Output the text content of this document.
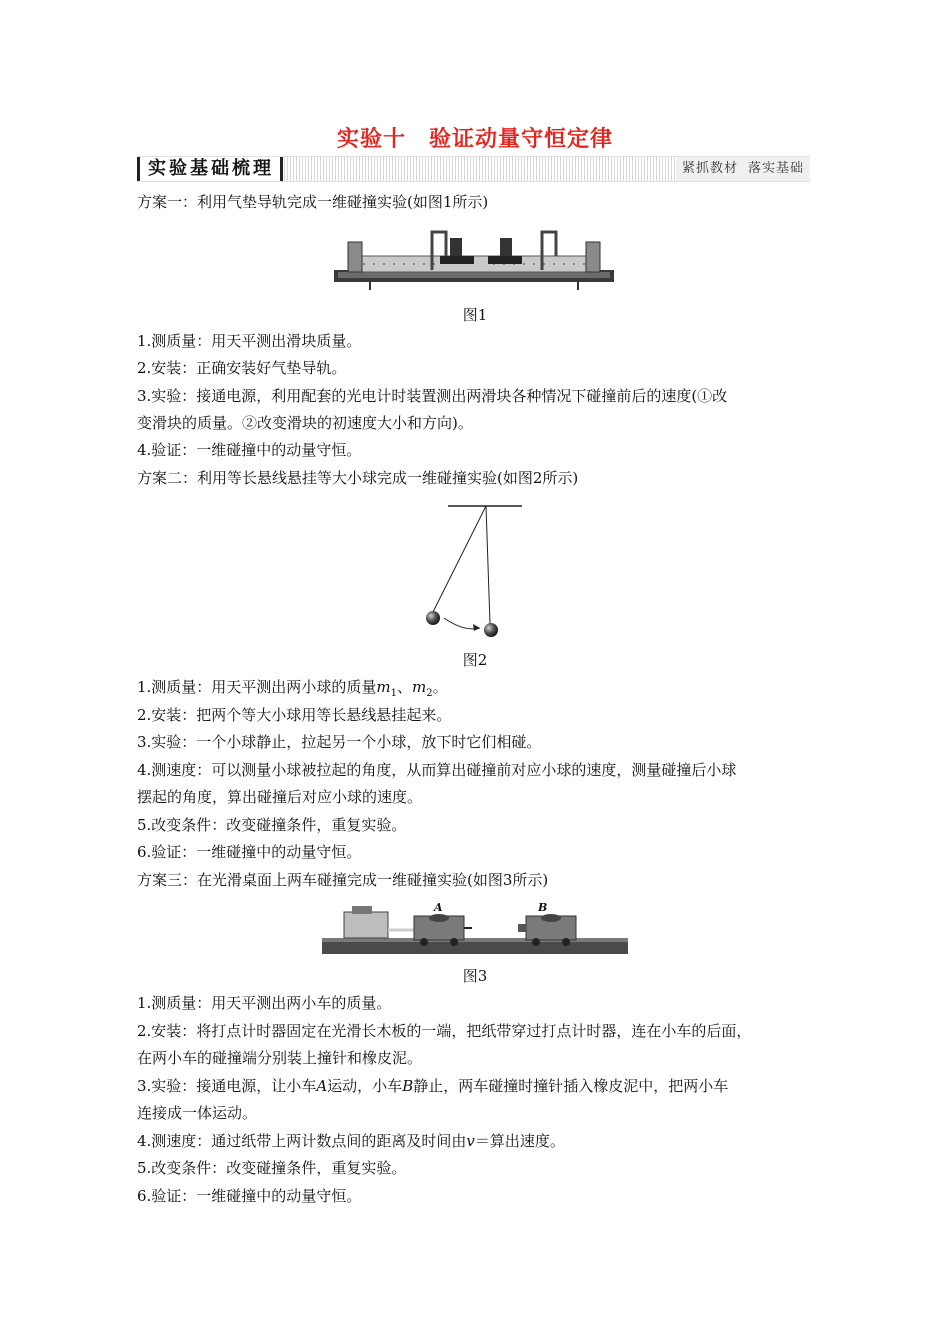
实验十　验证动量守恒定律
实验基础梳理	紧抓教材 落实基础
方案一：利用气垫导轨完成一维碰撞实验(如图1所示)
图1
1.测质量：用天平测出滑块质量。
2.安装：正确安装好气垫导轨。
3.实验：接通电源，利用配套的光电计时装置测出两滑块各种情况下碰撞前后的速度(①改
变滑块的质量。②改变滑块的初速度大小和方向)。
4.验证：一维碰撞中的动量守恒。
方案二：利用等长悬线悬挂等大小球完成一维碰撞实验(如图2所示)
图2
1.测质量：用天平测出两小球的质量$m_1$、$m_2$。
2.安装：把两个等大小球用等长悬线悬挂起来。
3.实验：一个小球静止，拉起另一个小球，放下时它们相碰。
4.测速度：可以测量小球被拉起的角度，从而算出碰撞前对应小球的速度，测量碰撞后小球
摆起的角度，算出碰撞后对应小球的速度。
5.改变条件：改变碰撞条件，重复实验。
6.验证：一维碰撞中的动量守恒。
方案三：在光滑桌面上两车碰撞完成一维碰撞实验(如图3所示)
A	B
图3
1.测质量：用天平测出两小车的质量。
2.安装：将打点计时器固定在光滑长木板的一端，把纸带穿过打点计时器，连在小车的后面，
在两小车的碰撞端分别装上撞针和橡皮泥。
3.实验：接通电源，让小车A运动，小车B静止，两车碰撞时撞针插入橡皮泥中，把两小车
连接成一体运动。
4.测速度：通过纸带上两计数点间的距离及时间由v＝算出速度。
5.改变条件：改变碰撞条件，重复实验。
6.验证：一维碰撞中的动量守恒。
